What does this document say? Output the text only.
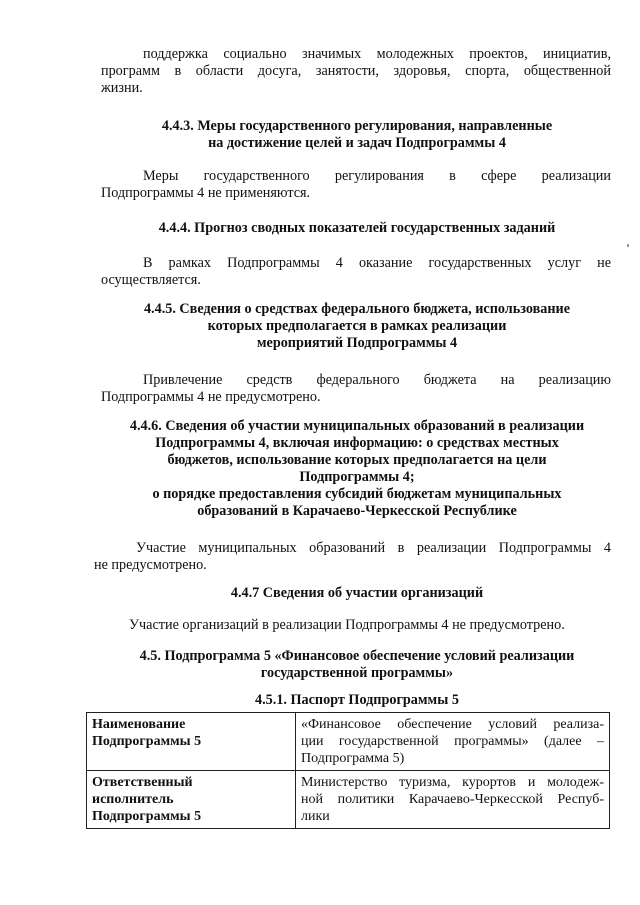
поддержка социально значимых молодежных проектов, инициатив,
программ в области досуга, занятости, здоровья, спорта, общественной
жизни.
4.4.3. Меры государственного регулирования, направленные
на достижение целей и задач Подпрограммы 4
Меры государственного регулирования в сфере реализации
Подпрограммы 4 не применяются.
4.4.4. Прогноз сводных показателей государственных заданий
В рамках Подпрограммы 4 оказание государственных услуг не
осуществляется.
4.4.5. Сведения о средствах федерального бюджета, использование
которых предполагается в рамках реализации
мероприятий Подпрограммы 4
Привлечение средств федерального бюджета на реализацию
Подпрограммы 4 не предусмотрено.
4.4.6. Сведения об участии муниципальных образований в реализации
Подпрограммы 4, включая информацию: о средствах местных
бюджетов, использование которых предполагается на цели
Подпрограммы 4;
о порядке предоставления субсидий бюджетам муниципальных
образований в Карачаево-Черкесской Республике
Участие муниципальных образований в реализации Подпрограммы 4
не предусмотрено.
4.4.7 Сведения об участии организаций
Участие организаций в реализации Подпрограммы 4 не предусмотрено.
4.5. Подпрограмма 5 «Финансовое обеспечение условий реализации
государственной программы»
4.5.1. Паспорт Подпрограммы 5
Наименование
Подпрограммы 5	«Финансовое обеспечение условий реализа-
ции государственной программы» (далее –
Подпрограмма 5)

Ответственный
исполнитель
Подпрограммы 5	Министерство туризма, курортов и молодеж-
ной политики Карачаево-Черкесской Респуб-
лики
